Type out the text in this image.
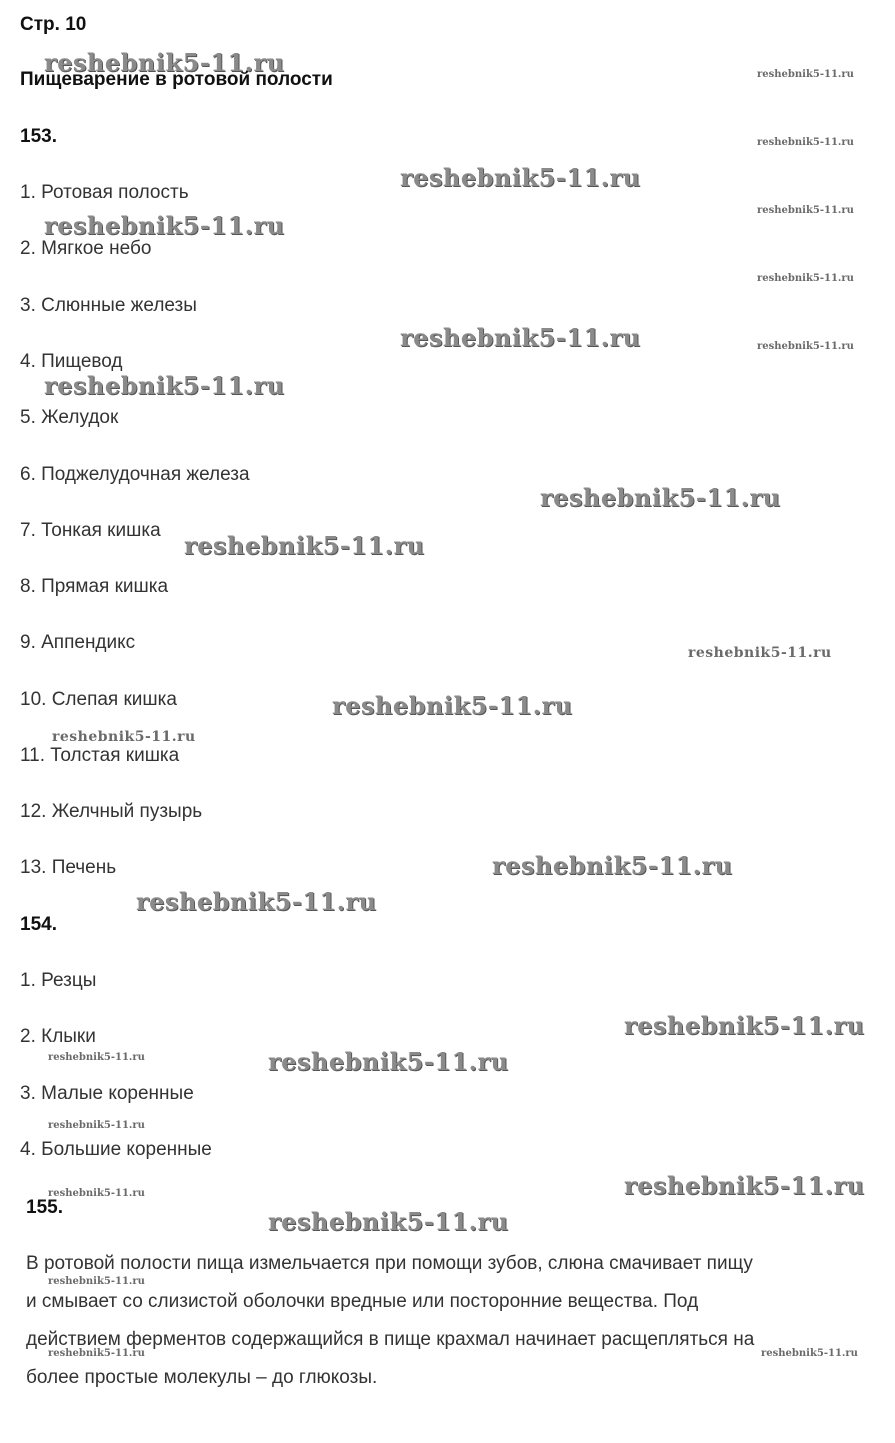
Стр. 10
Пищеварение в ротовой полости
153.
1. Ротовая полость
2. Мягкое небо
3. Слюнные железы
4. Пищевод
5. Желудок
6. Поджелудочная железа
7. Тонкая кишка
8. Прямая кишка
9. Аппендикс
10. Слепая кишка
11. Толстая кишка
12. Желчный пузырь
13. Печень
154.
1. Резцы
2. Клыки
3. Малые коренные
4. Большие коренные
155.
В ротовой полости пища измельчается при помощи зубов, слюна смачивает пищу
и смывает со слизистой оболочки вредные или посторонние вещества. Под
действием ферментов содержащийся в пище крахмал начинает расщепляться на
более простые молекулы – до глюкозы.
reshebnik5-11.ru	reshebnik5-11.ru
reshebnik5-11.ru
reshebnik5-11.ru
reshebnik5-11.ru
reshebnik5-11.ru
reshebnik5-11.ru
reshebnik5-11.ru	reshebnik5-11.ru
reshebnik5-11.ru
reshebnik5-11.ru
reshebnik5-11.ru
reshebnik5-11.ru
reshebnik5-11.ru
reshebnik5-11.ru
reshebnik5-11.ru
reshebnik5-11.ru
reshebnik5-11.ru
reshebnik5-11.ru	reshebnik5-11.ru
reshebnik5-11.ru
reshebnik5-11.ru
reshebnik5-11.ru
reshebnik5-11.ru
reshebnik5-11.ru
reshebnik5-11.ru	reshebnik5-11.ru
